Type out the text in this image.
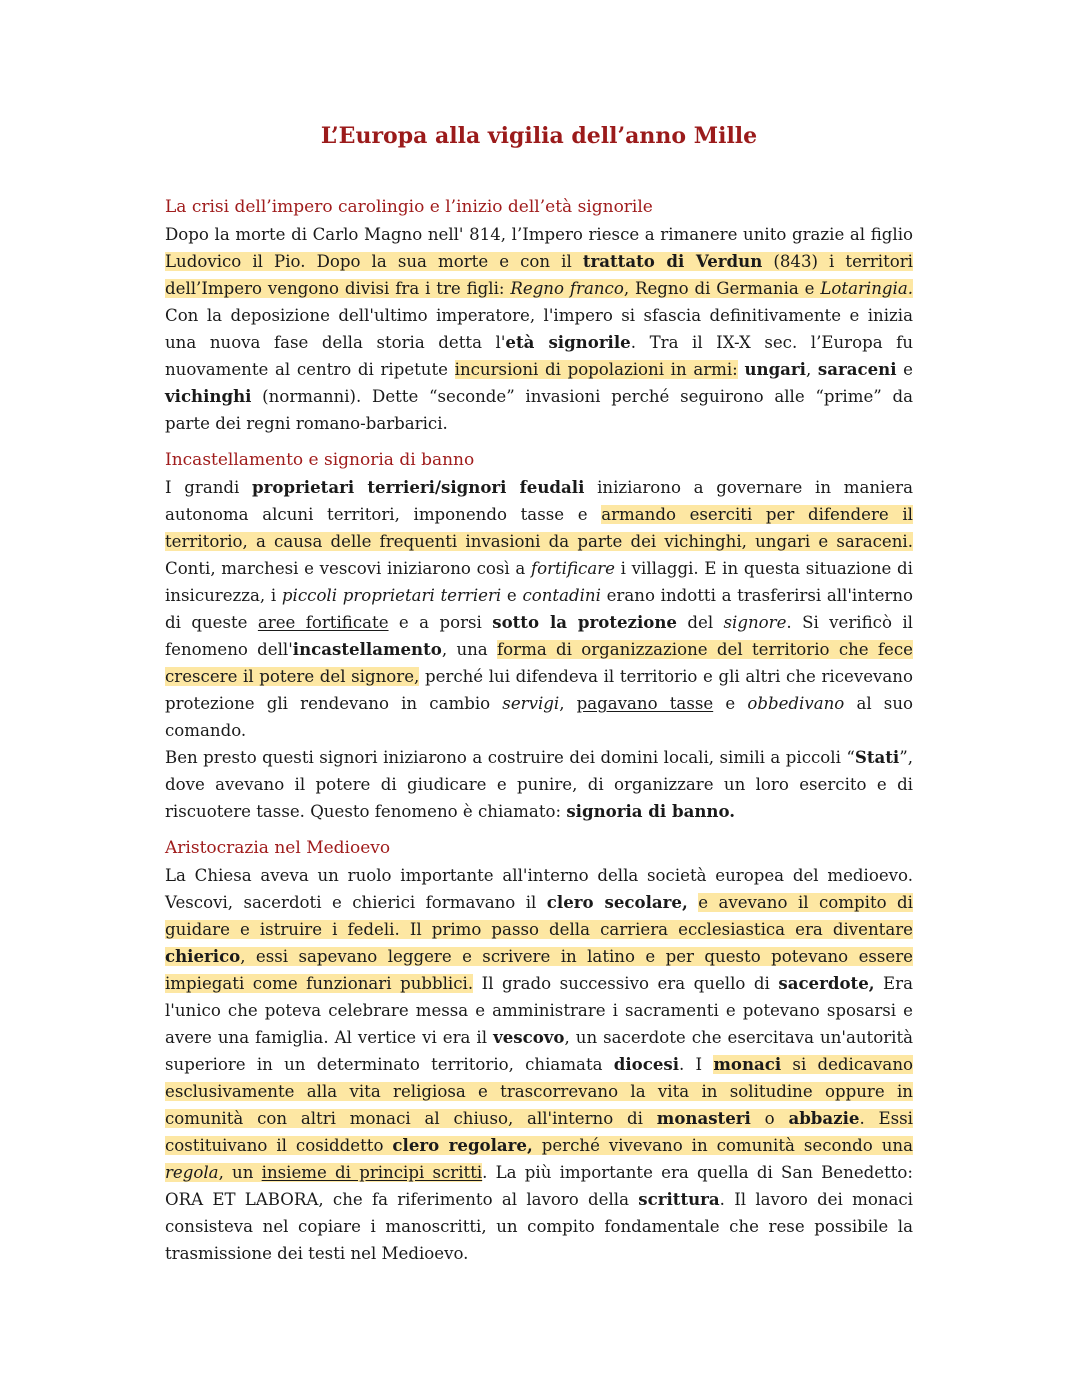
L’Europa alla vigilia dell’anno Mille
La crisi dell’impero carolingio e l’inizio dell’età signorile

Dopo la morte di Carlo Magno nell' 814, l’Impero riesce a rimanere unito grazie al figlio Ludovico il Pio. Dopo la sua morte e con il trattato di Verdun (843) i territori dell’Impero vengono divisi fra i tre figli: Regno franco, Regno di Germania e Lotaringia. Con la deposizione dell'ultimo imperatore, l'impero si sfascia definitivamente e inizia una nuova fase della storia detta l'età signorile. Tra il IX-X sec. l’Europa fu nuovamente al centro di ripetute incursioni di popolazioni in armi: ungari, saraceni e vichinghi (normanni). Dette “seconde” invasioni perché seguirono alle “prime” da parte dei regni romano-barbarici.

Incastellamento e signoria di banno

I grandi proprietari terrieri/signori feudali iniziarono a governare in maniera autonoma alcuni territori, imponendo tasse e armando eserciti per difendere il territorio, a causa delle frequenti invasioni da parte dei vichinghi, ungari e saraceni. Conti, marchesi e vescovi iniziarono così a fortificare i villaggi. E in questa situazione di insicurezza, i piccoli proprietari terrieri e contadini erano indotti a trasferirsi all'interno di queste aree fortificate e a porsi sotto la protezione del signore. Si verificò il fenomeno dell'incastellamento, una forma di organizzazione del territorio che fece crescere il potere del signore, perché lui difendeva il territorio e gli altri che ricevevano protezione gli rendevano in cambio servigi, pagavano tasse e obbedivano al suo comando.

Ben presto questi signori iniziarono a costruire dei domini locali, simili a piccoli “Stati”, dove avevano il potere di giudicare e punire, di organizzare un loro esercito e di riscuotere tasse. Questo fenomeno è chiamato: signoria di banno.

Aristocrazia nel Medioevo

La Chiesa aveva un ruolo importante all'interno della società europea del medioevo. Vescovi, sacerdoti e chierici formavano il clero secolare, e avevano il compito di guidare e istruire i fedeli. Il primo passo della carriera ecclesiastica era diventare chierico, essi sapevano leggere e scrivere in latino e per questo potevano essere impiegati come funzionari pubblici. Il grado successivo era quello di sacerdote, Era l'unico che poteva celebrare messa e amministrare i sacramenti e potevano sposarsi e avere una famiglia. Al vertice vi era il vescovo, un sacerdote che esercitava un'autorità superiore in un determinato territorio, chiamata diocesi. I monaci si dedicavano esclusivamente alla vita religiosa e trascorrevano la vita in solitudine oppure in comunità con altri monaci al chiuso, all'interno di monasteri o abbazie. Essi costituivano il cosiddetto clero regolare, perché vivevano in comunità secondo una regola, un insieme di principi scritti. La più importante era quella di San Benedetto: ORA ET LABORA, che fa riferimento al lavoro della scrittura. Il lavoro dei monaci consisteva nel copiare i manoscritti, un compito fondamentale che rese possibile la trasmissione dei testi nel Medioevo.
